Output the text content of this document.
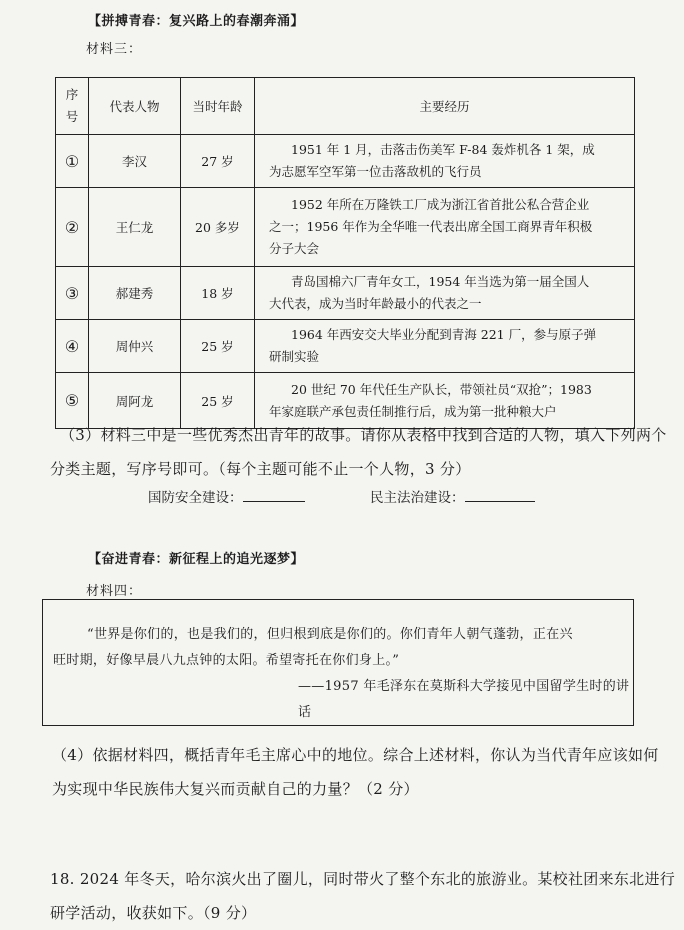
【拼搏青春：复兴路上的春潮奔涌】
材料三：
序号	代表人物	当时年龄	主要经历
①	李汉	27 岁	1951 年 1 月，击落击伤美军 F-84 轰炸机各 1 架，成
为志愿军空军第一位击落敌机的飞行员

②	王仁龙	20 多岁	1952 年所在万隆铁工厂成为浙江省首批公私合营企业
之一；1956 年作为全华唯一代表出席全国工商界青年积极
分子大会

③	郝建秀	18 岁	青岛国棉六厂青年女工，1954 年当选为第一届全国人
大代表，成为当时年龄最小的代表之一

④	周仲兴	25 岁	1964 年西安交大毕业分配到青海 221 厂，参与原子弹
研制实验

⑤	周阿龙	25 岁	20 世纪 70 年代任生产队长，带领社员“双抢”；1983
年家庭联产承包责任制推行后，成为第一批种粮大户
（3）材料三中是一些优秀杰出青年的故事。请你从表格中找到合适的人物，填入下列两个
分类主题，写序号即可。（每个主题可能不止一个人物，3 分）
国防安全建设：	民主法治建设：
【奋进青春：新征程上的追光逐梦】
材料四：
“世界是你们的，也是我们的，但归根到底是你们的。你们青年人朝气蓬勃，正在兴
旺时期，好像早晨八九点钟的太阳。希望寄托在你们身上。”
——1957 年毛泽东在莫斯科大学接见中国留学生时的讲话
（4）依据材料四，概括青年毛主席心中的地位。综合上述材料，你认为当代青年应该如何
为实现中华民族伟大复兴而贡献自己的力量？（2 分）
18. 2024 年冬天，哈尔滨火出了圈儿，同时带火了整个东北的旅游业。某校社团来东北进行
研学活动，收获如下。（9 分）
